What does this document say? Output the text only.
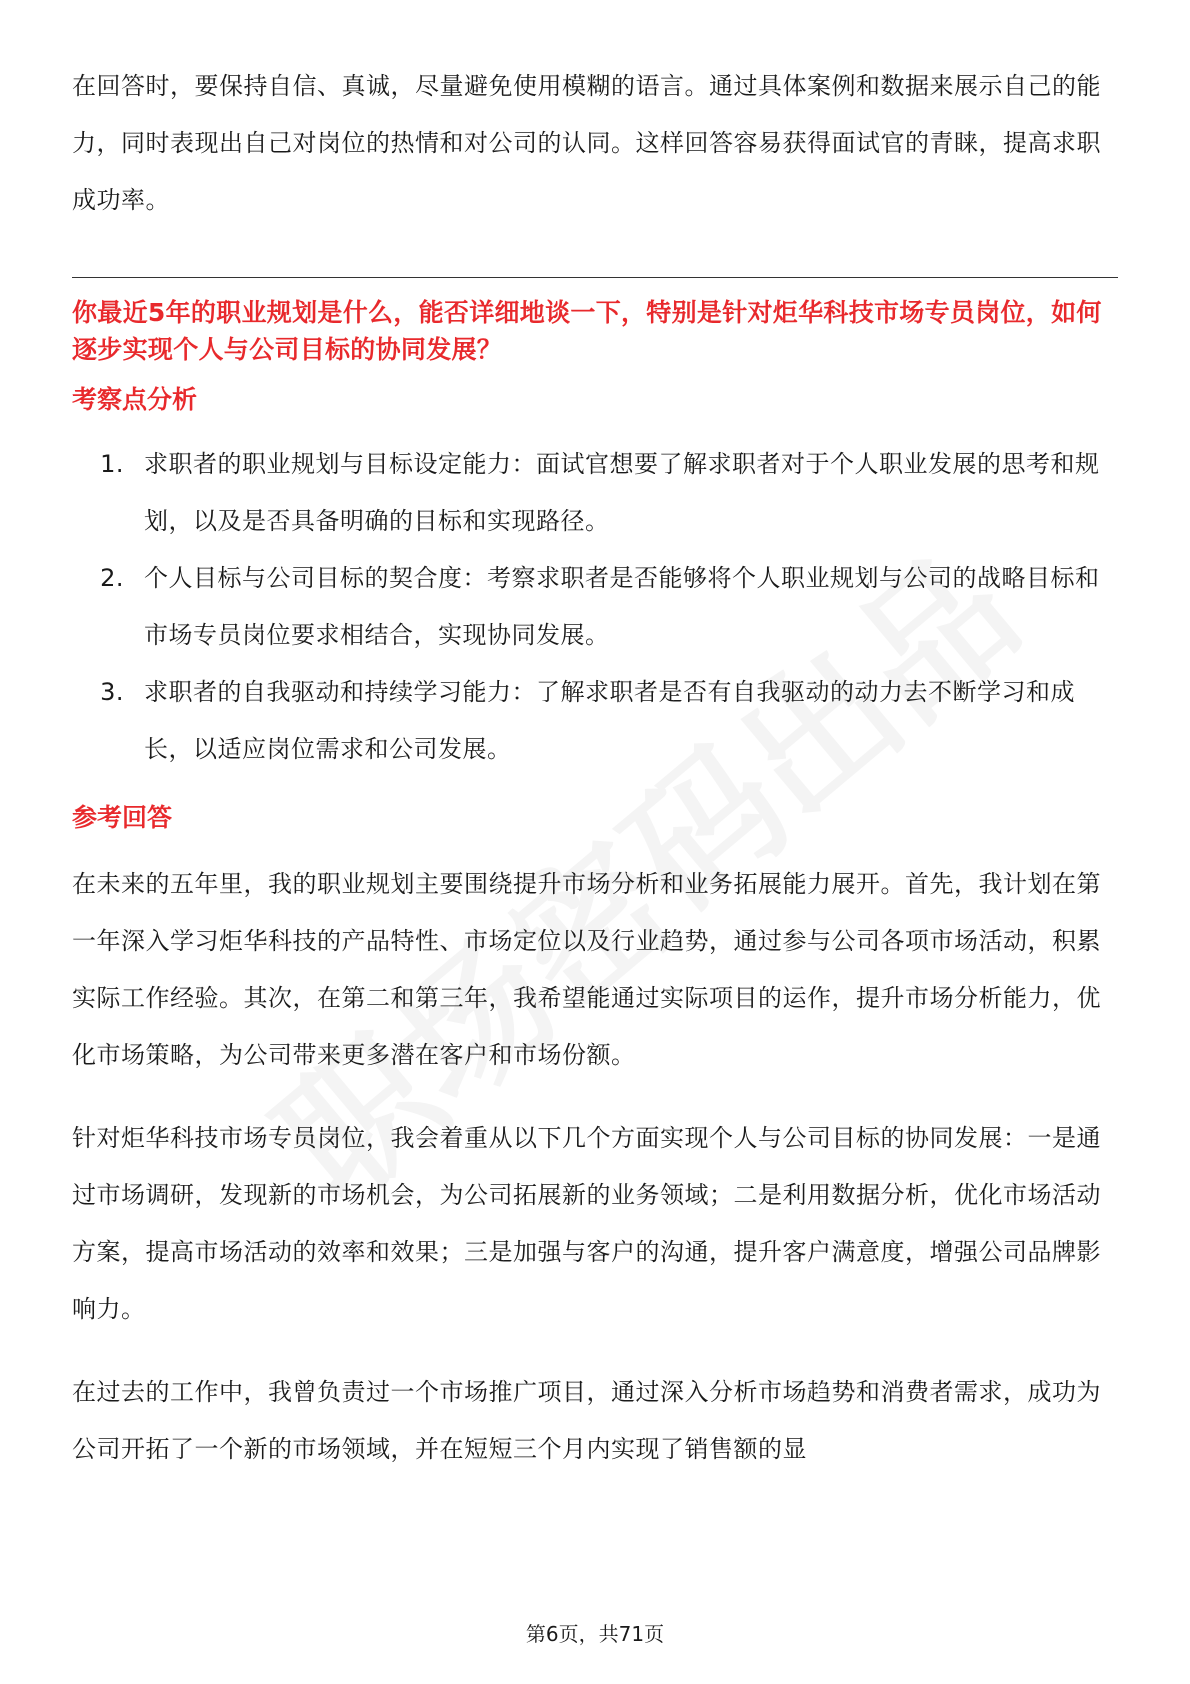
在回答时，要保持自信、真诚，尽量避免使用模糊的语言。通过具体案例和数据来展示自己的能力，同时表现出自己对岗位的热情和对公司的认同。这样回答容易获得面试官的青睐，提高求职成功率。

你最近5年的职业规划是什么，能否详细地谈一下，特别是针对炬华科技市场专员岗位，如何逐步实现个人与公司目标的协同发展？

考察点分析
1. 求职者的职业规划与目标设定能力：面试官想要了解求职者对于个人职业发展的思考和规划，以及是否具备明确的目标和实现路径。
2. 个人目标与公司目标的契合度：考察求职者是否能够将个人职业规划与公司的战略目标和市场专员岗位要求相结合，实现协同发展。
3. 求职者的自我驱动和持续学习能力：了解求职者是否有自我驱动的动力去不断学习和成长，以适应岗位需求和公司发展。
参考回答

在未来的五年里，我的职业规划主要围绕提升市场分析和业务拓展能力展开。首先，我计划在第一年深入学习炬华科技的产品特性、市场定位以及行业趋势，通过参与公司各项市场活动，积累实际工作经验。其次，在第二和第三年，我希望能通过实际项目的运作，提升市场分析能力，优化市场策略，为公司带来更多潜在客户和市场份额。

针对炬华科技市场专员岗位，我会着重从以下几个方面实现个人与公司目标的协同发展：一是通过市场调研，发现新的市场机会，为公司拓展新的业务领域；二是利用数据分析，优化市场活动方案，提高市场活动的效率和效果；三是加强与客户的沟通，提升客户满意度，增强公司品牌影响力。

在过去的工作中，我曾负责过一个市场推广项目，通过深入分析市场趋势和消费者需求，成功为公司开拓了一个新的市场领域，并在短短三个月内实现了销售额的显

第6页，共71页
